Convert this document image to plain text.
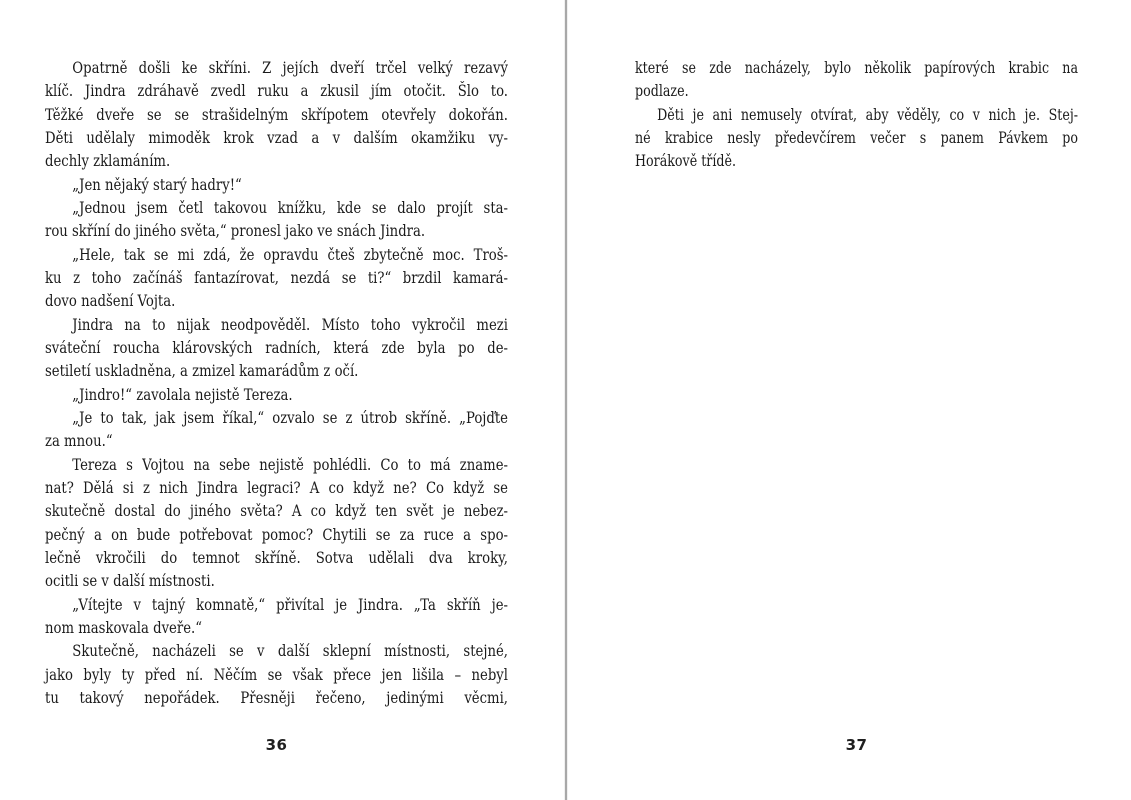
Opatrně došli ke skříni. Z jejích dveří trčel velký rezavý
klíč. Jindra zdráhavě zvedl ruku a zkusil jím otočit. Šlo to.
Těžké dveře se se strašidelným skřípotem otevřely dokořán.
Děti udělaly mimoděk krok vzad a v dalším okamžiku vy-
dechly zklamáním.
„Jen nějaký starý hadry!“
„Jednou jsem četl takovou knížku, kde se dalo projít sta-
rou skříní do jiného světa,“ pronesl jako ve snách Jindra.
„Hele, tak se mi zdá, že opravdu čteš zbytečně moc. Troš-
ku z toho začínáš fantazírovat, nezdá se ti?“ brzdil kamará-
dovo nadšení Vojta.
Jindra na to nijak neodpověděl. Místo toho vykročil mezi
sváteční roucha klárovských radních, která zde byla po de-
setiletí uskladněna, a zmizel kamarádům z očí.
„Jindro!“ zavolala nejistě Tereza.
„Je to tak, jak jsem říkal,“ ozvalo se z útrob skříně. „Pojďte
za mnou.“
Tereza s Vojtou na sebe nejistě pohlédli. Co to má zname-
nat? Dělá si z nich Jindra legraci? A co když ne? Co když se
skutečně dostal do jiného světa? A co když ten svět je nebez-
pečný a on bude potřebovat pomoc? Chytili se za ruce a spo-
lečně vkročili do temnot skříně. Sotva udělali dva kroky,
ocitli se v další místnosti.
„Vítejte v tajný komnatě,“ přivítal je Jindra. „Ta skříň je-
nom maskovala dveře.“
Skutečně, nacházeli se v další sklepní místnosti, stejné,
jako byly ty před ní. Něčím se však přece jen lišila – nebyl
tu takový nepořádek. Přesněji řečeno, jedinými věcmi,
36
které se zde nacházely, bylo několik papírových krabic na
podlaze.
Děti je ani nemusely otvírat, aby věděly, co v nich je. Stej-
né krabice nesly předevčírem večer s panem Pávkem po
Horákově třídě.
37
